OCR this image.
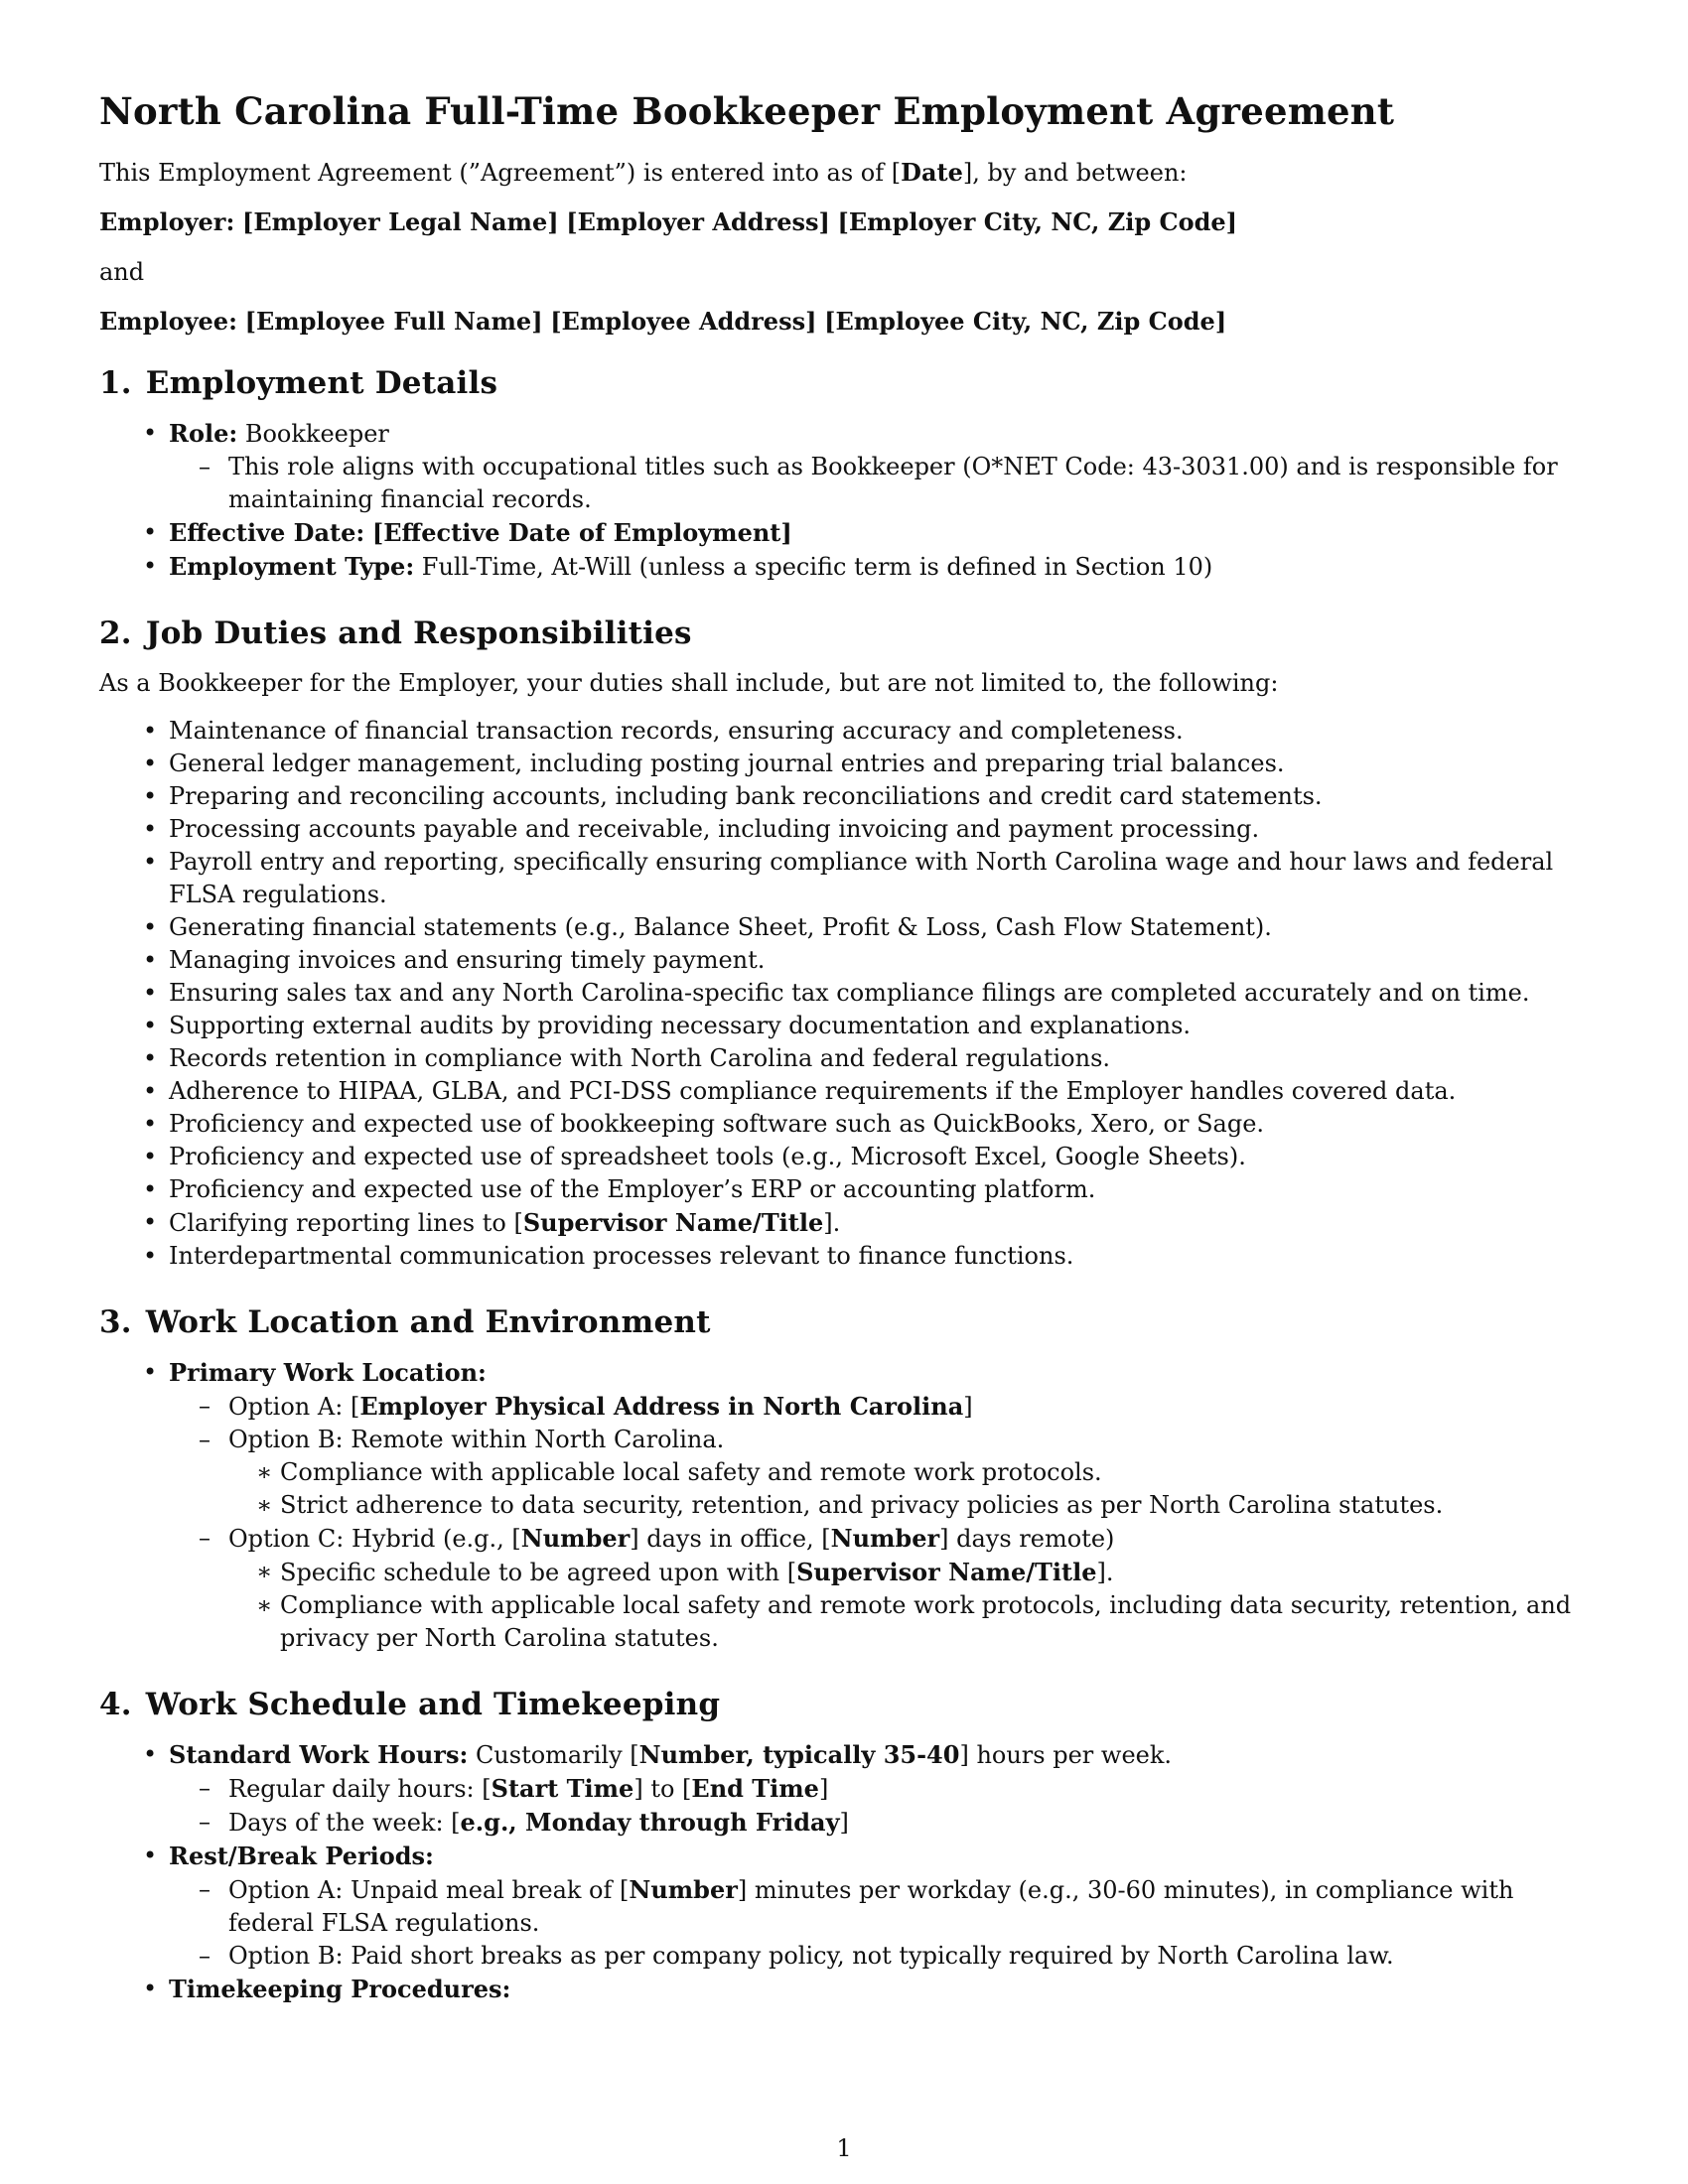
North Carolina Full-Time Bookkeeper Employment Agreement

This Employment Agreement (”Agreement”) is entered into as of [Date], by and between:

Employer: [Employer Legal Name] [Employer Address] [Employer City, NC, Zip Code]

and

Employee: [Employee Full Name] [Employee Address] [Employee City, NC, Zip Code]

1. Employment Details
• Role: Bookkeeper
– This role aligns with occupational titles such as Bookkeeper (O*NET Code: 43-3031.00) and is responsible for maintaining financial records.
• Effective Date: [Effective Date of Employment]
• Employment Type: Full-Time, At-Will (unless a specific term is defined in Section 10)
2. Job Duties and Responsibilities

As a Bookkeeper for the Employer, your duties shall include, but are not limited to, the following:

• Maintenance of financial transaction records, ensuring accuracy and completeness.
• General ledger management, including posting journal entries and preparing trial balances.
• Preparing and reconciling accounts, including bank reconciliations and credit card statements.
• Processing accounts payable and receivable, including invoicing and payment processing.
• Payroll entry and reporting, specifically ensuring compliance with North Carolina wage and hour laws and federal FLSA regulations.
• Generating financial statements (e.g., Balance Sheet, Profit & Loss, Cash Flow Statement).
• Managing invoices and ensuring timely payment.
• Ensuring sales tax and any North Carolina-specific tax compliance filings are completed accurately and on time.
• Supporting external audits by providing necessary documentation and explanations.
• Records retention in compliance with North Carolina and federal regulations.
• Adherence to HIPAA, GLBA, and PCI-DSS compliance requirements if the Employer handles covered data.
• Proficiency and expected use of bookkeeping software such as QuickBooks, Xero, or Sage.
• Proficiency and expected use of spreadsheet tools (e.g., Microsoft Excel, Google Sheets).
• Proficiency and expected use of the Employer’s ERP or accounting platform.
• Clarifying reporting lines to [Supervisor Name/Title].
• Interdepartmental communication processes relevant to finance functions.
3. Work Location and Environment
• Primary Work Location:
– Option A: [Employer Physical Address in North Carolina]
– Option B: Remote within North Carolina.
∗ Compliance with applicable local safety and remote work protocols.
∗ Strict adherence to data security, retention, and privacy policies as per North Carolina statutes.
– Option C: Hybrid (e.g., [Number] days in office, [Number] days remote)
∗ Specific schedule to be agreed upon with [Supervisor Name/Title].
∗ Compliance with applicable local safety and remote work protocols, including data security, retention, and privacy per North Carolina statutes.
4. Work Schedule and Timekeeping
• Standard Work Hours: Customarily [Number, typically 35-40] hours per week.
– Regular daily hours: [Start Time] to [End Time]
– Days of the week: [e.g., Monday through Friday]
• Rest/Break Periods:
– Option A: Unpaid meal break of [Number] minutes per workday (e.g., 30-60 minutes), in compliance with federal FLSA regulations.
– Option B: Paid short breaks as per company policy, not typically required by North Carolina law.
• Timekeeping Procedures:
1
